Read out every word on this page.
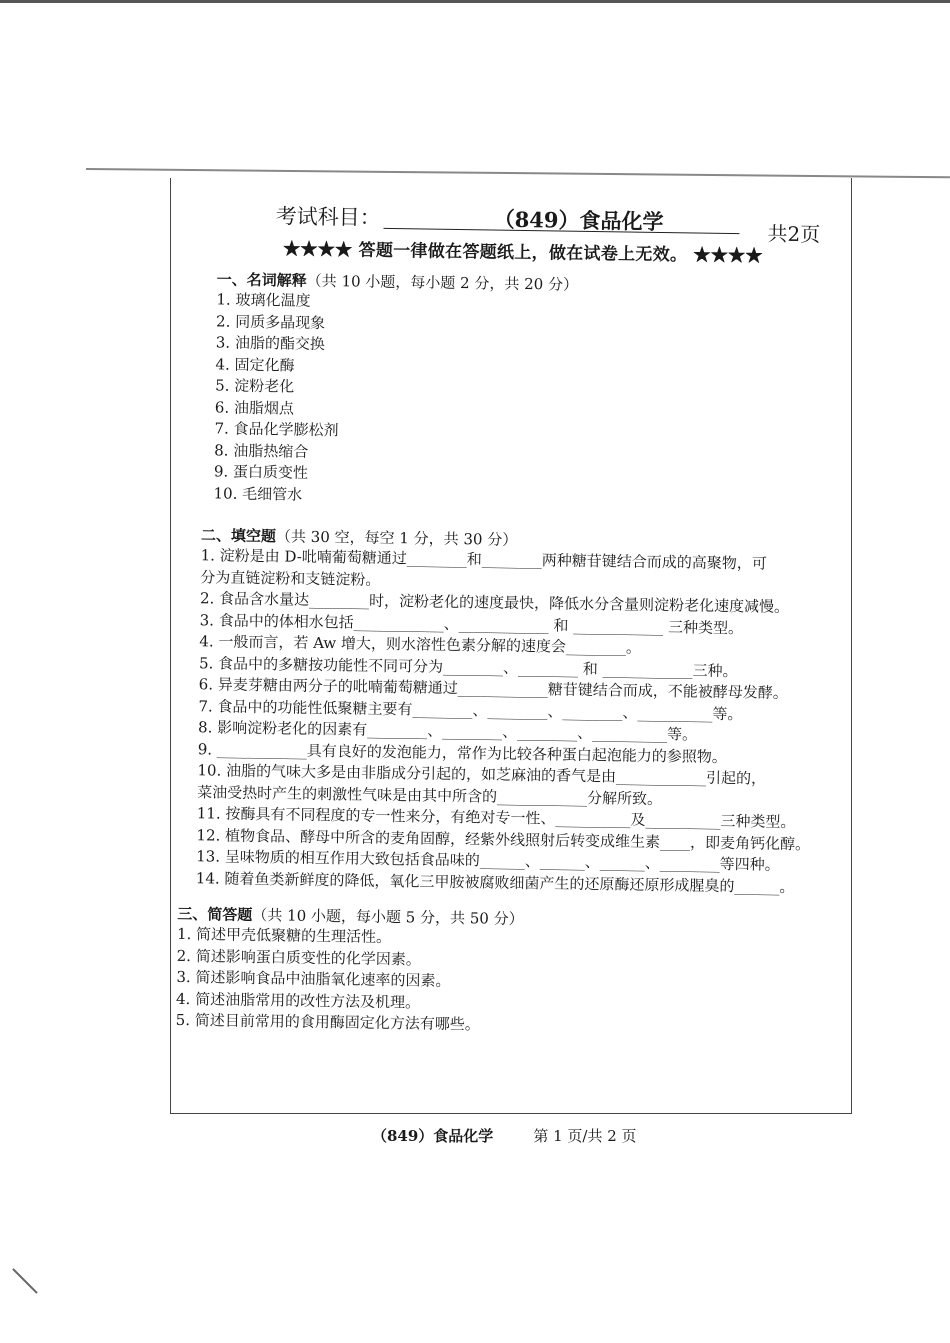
考试科目：	（849）食品化学	共2页
★★★★ 答题一律做在答题纸上，做在试卷上无效。 ★★★★
一、名词解释（共 10 小题，每小题 2 分，共 20 分）
1. 玻璃化温度
2. 同质多晶现象
3. 油脂的酯交换
4. 固定化酶
5. 淀粉老化
6. 油脂烟点
7. 食品化学膨松剂
8. 油脂热缩合
9. 蛋白质变性
10. 毛细管水
二、填空题（共 30 空，每空 1 分，共 30 分）
1. 淀粉是由 D-吡喃葡萄糖通过________和________两种糖苷键结合而成的高聚物，可
分为直链淀粉和支链淀粉。
2. 食品含水量达________时，淀粉老化的速度最快，降低水分含量则淀粉老化速度减慢。
3. 食品中的体相水包括____________、____________ 和 ____________ 三种类型。
4. 一般而言，若 Aw 增大，则水溶性色素分解的速度会________。
5. 食品中的多糖按功能性不同可分为________、________ 和 ____________三种。
6. 异麦芽糖由两分子的吡喃葡萄糖通过____________糖苷键结合而成，不能被酵母发酵。
7. 食品中的功能性低聚糖主要有________、________、________、__________等。
8. 影响淀粉老化的因素有________、________、________、__________等。
9. ____________具有良好的发泡能力，常作为比较各种蛋白起泡能力的参照物。
10. 油脂的气味大多是由非脂成分引起的，如芝麻油的香气是由____________引起的，
菜油受热时产生的刺激性气味是由其中所含的____________分解所致。
11. 按酶具有不同程度的专一性来分，有绝对专一性、__________及__________三种类型。
12. 植物食品、酵母中所含的麦角固醇，经紫外线照射后转变成维生素____，即麦角钙化醇。
13. 呈味物质的相互作用大致包括食品味的______、______、______、________等四种。
14. 随着鱼类新鲜度的降低，氧化三甲胺被腐败细菌产生的还原酶还原形成腥臭的______。
三、简答题（共 10 小题，每小题 5 分，共 50 分）
1. 简述甲壳低聚糖的生理活性。
2. 简述影响蛋白质变性的化学因素。
3. 简述影响食品中油脂氧化速率的因素。
4. 简述油脂常用的改性方法及机理。
5. 简述目前常用的食用酶固定化方法有哪些。
（849）食品化学	第 1 页/共 2 页
